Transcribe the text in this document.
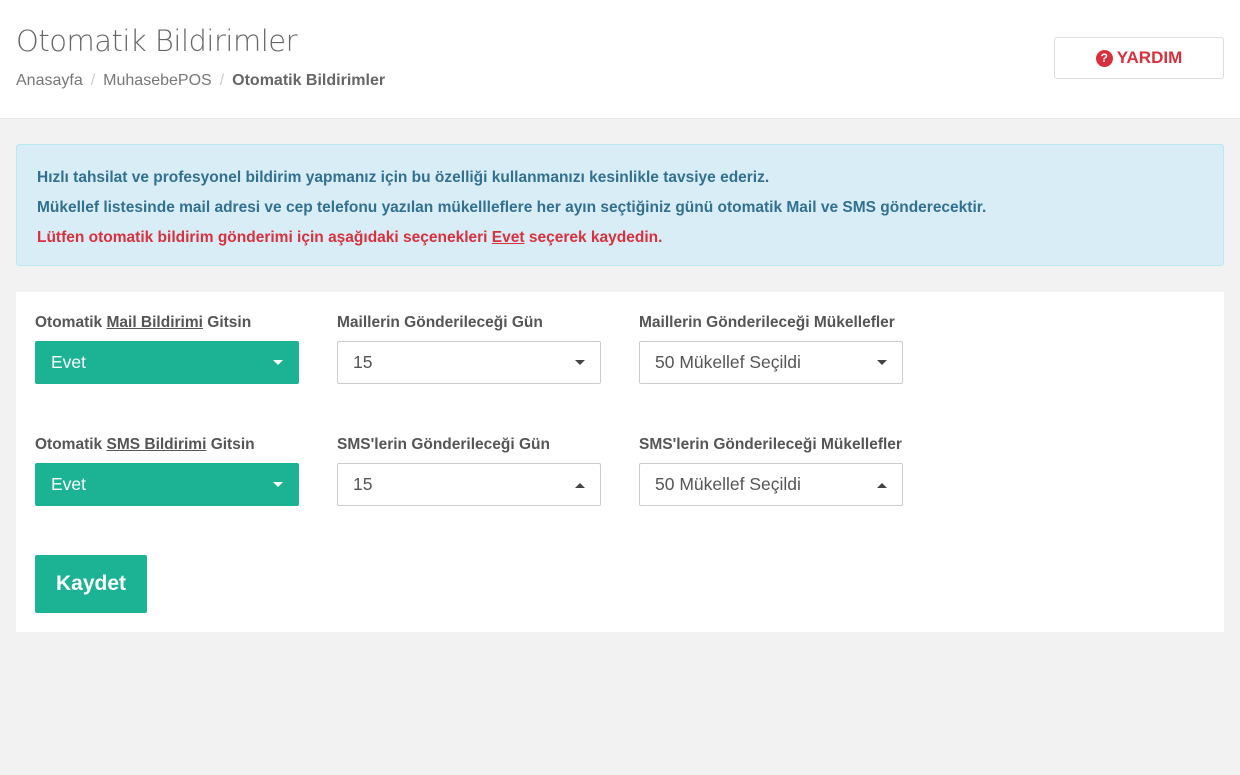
Otomatik Bildirimler
Anasayfa / MuhasebePOS / Otomatik Bildirimler
? YARDIM

Hızlı tahsilat ve profesyonel bildirim yapmanız için bu özelliği kullanmanızı kesinlikle tavsiye ederiz.

Mükellef listesinde mail adresi ve cep telefonu yazılan mükellleflere her ayın seçtiğiniz günü otomatik Mail ve SMS gönderecektir.

Lütfen otomatik bildirim gönderimi için aşağıdaki seçenekleri Evet seçerek kaydedin.

Otomatik Mail Bildirimi Gitsin
Evet
Maillerin Gönderileceği Gün
15
Maillerin Gönderileceği Mükellefler
50 Mükellef Seçildi
Otomatik SMS Bildirimi Gitsin
Evet
SMS'lerin Gönderileceği Gün
15
SMS'lerin Gönderileceği Mükellefler
50 Mükellef Seçildi
Kaydet
